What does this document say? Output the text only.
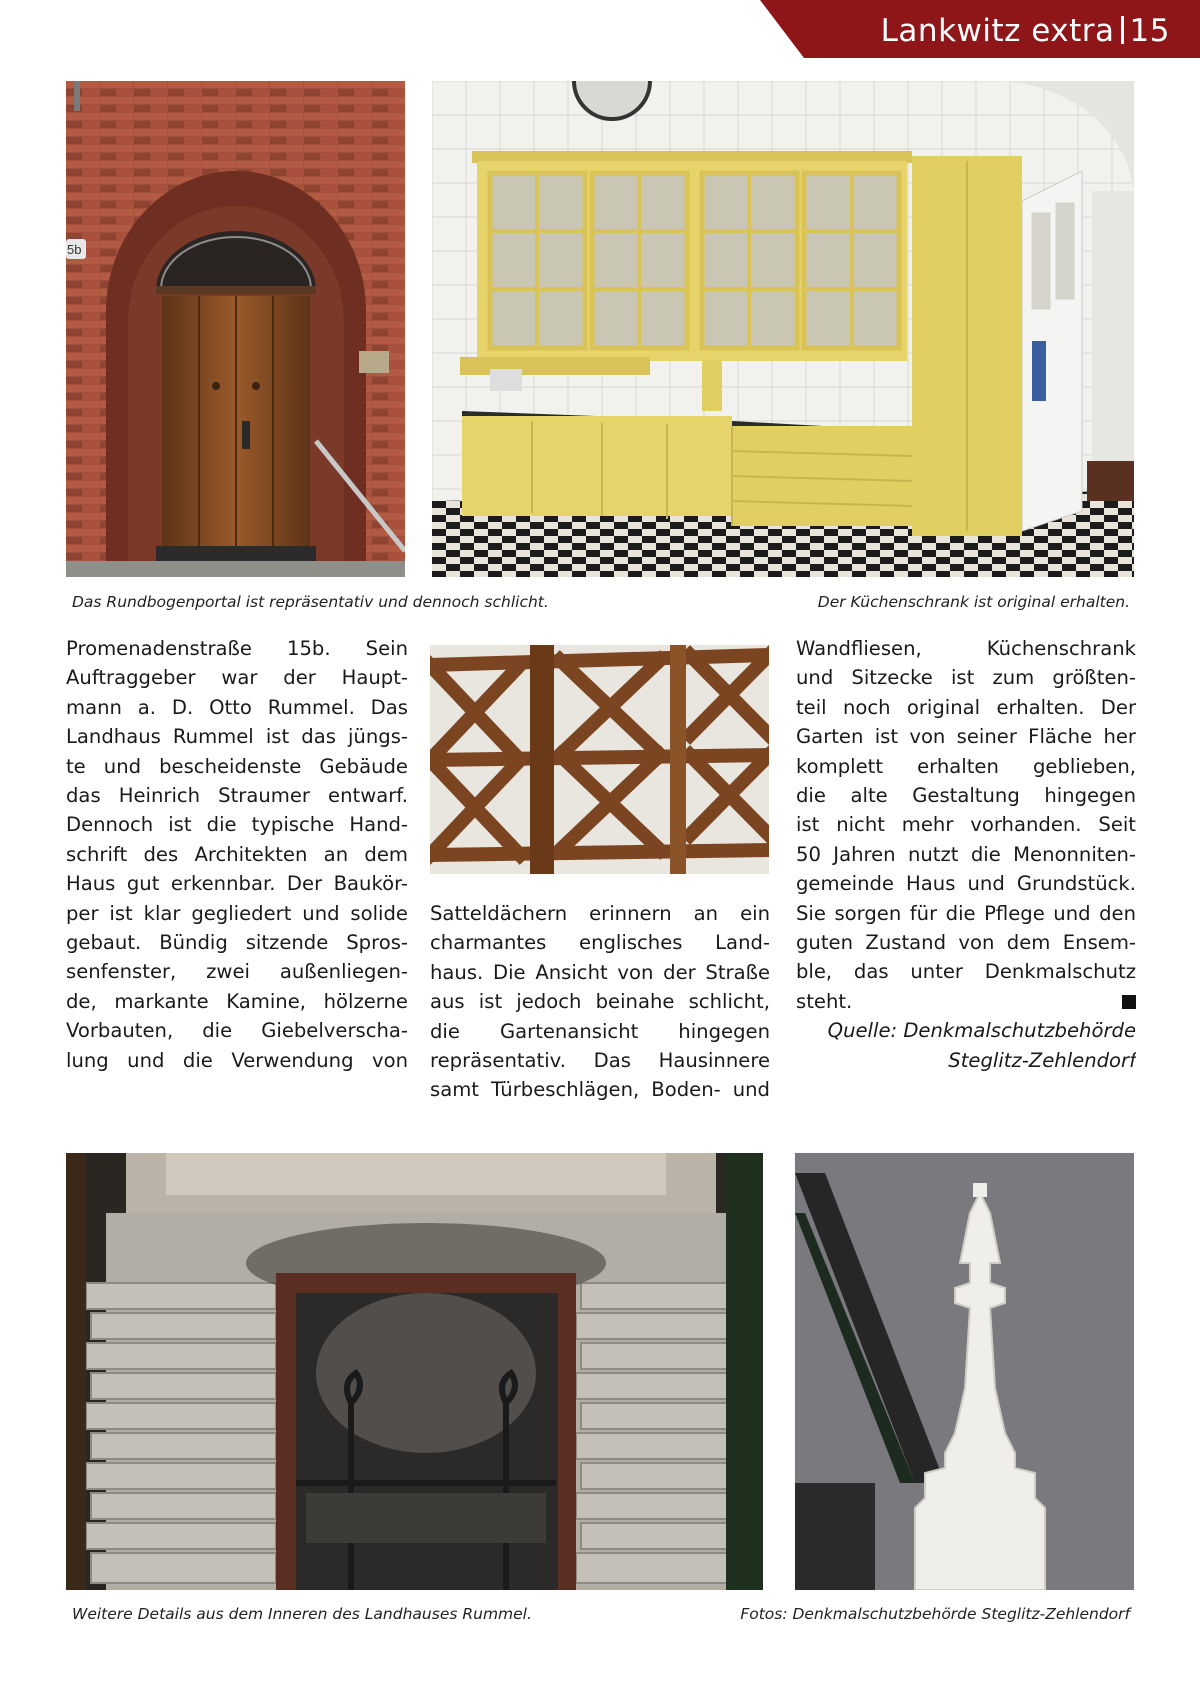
Lankwitz extra 15
5b
Das Rundbogenportal ist repräsentativ und dennoch schlicht.	Der Küchenschrank ist original erhalten.

Promenadenstraße 15b. Sein

Auftraggeber war der Haupt-

mann a. D. Otto Rummel. Das

Landhaus Rummel ist das jüngs-

te und bescheidenste Gebäude

das Heinrich Straumer entwarf.

Dennoch ist die typische Hand-

schrift des Architekten an dem

Haus gut erkennbar. Der Baukör-

per ist klar gegliedert und solide

gebaut. Bündig sitzende Spros-

senfenster, zwei außenliegen-

de, markante Kamine, hölzerne

Vorbauten, die Giebelverscha-

lung und die Verwendung von

Satteldächern erinnern an ein

charmantes englisches Land-

haus. Die Ansicht von der Straße

aus ist jedoch beinahe schlicht,

die Gartenansicht hingegen

repräsentativ. Das Hausinnere

samt Türbeschlägen, Boden- und

Wandfliesen, Küchenschrank

und Sitzecke ist zum größten-

teil noch original erhalten. Der

Garten ist von seiner Fläche her

komplett erhalten geblieben,

die alte Gestaltung hingegen

ist nicht mehr vorhanden. Seit

50 Jahren nutzt die Menonniten-

gemeinde Haus und Grundstück.

Sie sorgen für die Pflege und den

guten Zustand von dem Ensem-

ble, das unter Denkmalschutz

steht.

Quelle: Denkmalschutzbehörde

Steglitz-Zehlendorf

Weitere Details aus dem Inneren des Landhauses Rummel.	Fotos: Denkmalschutzbehörde Steglitz-Zehlendorf
